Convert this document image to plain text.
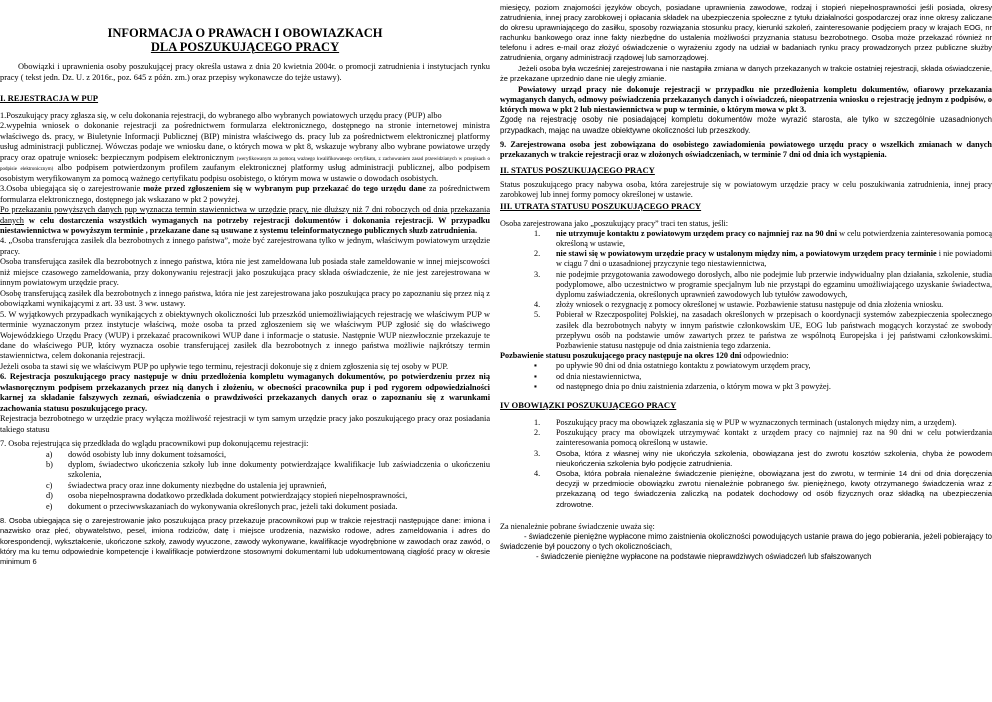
INFORMACJA O PRAWACH I OBOWIAZKACH
DLA POSZUKUJĄCEGO PRACY

Obowiązki i uprawnienia osoby poszukującej pracy określa ustawa z dnia 20 kwietnia 2004r. o promocji zatrudnienia i instytucjach rynku pracy ( tekst jedn. Dz. U. z 2016r., poz. 645 z późn. zm.) oraz przepisy wykonawcze do tejże ustawy).

I. REJESTRACJA W PUP

1.Poszukujący pracy zgłasza się, w celu dokonania rejestracji, do wybranego albo wybranych powiatowych urzędu pracy (PUP) albo

2.wypełnia wniosek o dokonanie rejestracji za pośrednictwem formularza elektronicznego, dostępnego na stronie internetowej ministra właściwego ds. pracy, w Biuletynie Informacji Publicznej (BIP) ministra właściwego ds. pracy lub za pośrednictwem elektronicznej platformy usług administracji publicznej. Wówczas podaje we wniosku dane, o których mowa w pkt 8, wskazuje wybrany albo wybrane powiatowe urzędy pracy oraz opatruje wniosek: bezpiecznym podpisem elektronicznym (weryfikowanym za pomocą ważnego kwalifikowanego certyfikatu, z zachowaniem zasad przewidzianych w przepisach o podpisie elektronicznym) albo podpisem potwierdzonym profilem zaufanym elektronicznej platformy usług administracji publicznej, albo podpisem osobistym weryfikowanym za pomocą ważnego certyfikatu podpisu osobistego, o którym mowa w ustawie o dowodach osobistych.

3.Osoba ubiegająca się o zarejestrowanie może przed zgłoszeniem się w wybranym pup przekazać do tego urzędu dane za pośrednictwem formularza elektronicznego, dostępnego jak wskazano w pkt 2 powyżej.

Po przekazaniu powyższych danych pup wyznacza termin stawiennictwa w urzędzie pracy, nie dłuższy niż 7 dni roboczych od dnia przekazania danych w celu dostarczenia wszystkich wymaganych na potrzeby rejestracji dokumentów i dokonania rejestracji. W przypadku niestawiennictwa w powyższym terminie , przekazane dane są usuwane z systemu teleinformatycznego publicznych słuzb zatrudnienia.

4. „Osoba transferująca zasiłek dla bezrobotnych z innego państwa”, może być zarejestrowana tylko w jednym, właściwym powiatowym urzędzie pracy.

Osoba transferująca zasiłek dla bezrobotnych z innego państwa, która nie jest zameldowana lub posiada stałe zameldowanie w innej miejscowości niż miejsce czasowego zameldowania, przy dokonywaniu rejestracji jako poszukująca pracy składa oświadczenie, że nie jest zarejestrowana w innym powiatowym urzędzie pracy.

Osobę transferującą zasiłek dla bezrobotnych z innego państwa, która nie jest zarejestrowana jako poszukująca pracy po zapoznaniu się przez nią z obowiązkami wynikającymi z art. 33 ust. 3 ww. ustawy.

5. W wyjątkowych przypadkach wynikających z obiektywnych okoliczności lub przeszkód uniemożliwiających rejestrację we właściwym PUP w terminie wyznaczonym przez instytucje właściwą, może osoba ta przed zgłoszeniem się we właściwym PUP zgłosić się do właściwego Wojewódzkiego Urzędu Pracy (WUP) i przekazać pracownikowi WUP dane i informacje o statusie. Następnie WUP niezwłocznie przekazuje te dane do właściwego PUP, który wyznacza osobie transferującej zasiłek dla bezrobotnych z innego państwa możliwie najkrótszy termin stawiennictwa, celem dokonania rejestracji.

Jeżeli osoba ta stawi się we właściwym PUP po upływie tego terminu, rejestracji dokonuje się z dniem zgłoszenia się tej osoby w PUP.

6. Rejestracja poszukującego pracy następuje w dniu przedłożenia kompletu wymaganych dokumentów, po potwierdzeniu przez nią własnoręcznym podpisem przekazanych przez nią danych i złożeniu, w obecności pracownika pup i pod rygorem odpowiedzialności karnej za składanie fałszywych zeznań, oświadczenia o prawdziwości przekazanych danych oraz o zapoznaniu się z warunkami zachowania statusu poszukującego pracy.

Rejestracja bezrobotnego w urzędzie pracy wyłącza możliwość rejestracji w tym samym urzędzie pracy jako poszukującego pracy oraz posiadania takiego statusu

7. Osoba rejestrująca się przedkłada do wglądu pracownikowi pup dokonującemu rejestracji:

a)	dowód osobisty lub inny dokument tożsamości,
b)	dyplom, świadectwo ukończenia szkoły lub inne dokumenty potwierdzające kwalifikacje lub zaświadczenia o ukończeniu szkolenia,
c)	świadectwa pracy oraz inne dokumenty niezbędne do ustalenia jej uprawnień,
d)	osoba niepełnosprawna dodatkowo przedkłada dokument potwierdzający stopień niepełnosprawności,
e)	dokument o przeciwwskazaniach do wykonywania określonych prac, jeżeli taki dokument posiada.

8. Osoba ubiegająca się o zarejestrowanie jako poszukująca pracy przekazuje pracownikowi pup w trakcie rejestracji następujące dane: imiona i nazwisko oraz płeć, obywatelstwo, pesel, imiona rodziców, datę i miejsce urodzenia, nazwisko rodowe, adres zameldowania i adres do korespondencji, wykształcenie, ukończone szkoły, zawody wyuczone, zawody wykonywane, kwalifikacje wyodrębnione w zawodach oraz zawód, o który ma ku temu odpowiednie kompetencje i kwalifikacje potwierdzone stosownymi dokumentami lub udokumentowaną ciągłość pracy w okresie minimum 6

miesięcy, poziom znajomości języków obcych, posiadane uprawnienia zawodowe, rodzaj i stopień niepełnosprawności jeśli posiada, okresy zatrudnienia, innej pracy zarobkowej i opłacania składek na ubezpieczenia społeczne z tytułu działalności gospodarczej oraz inne okresy zaliczane do okresu uprawniającego do zasiłku, sposoby rozwiązania stosunku pracy, kierunki szkoleń, zainteresowanie podjęciem pracy w krajach EOG, nr rachunku bankowego oraz inne fakty niezbędne do ustalenia możliwości przyznania statusu bezrobotnego. Osoba może przekazać również nr telefonu i adres e-mail oraz złożyć oświadczenie o wyrażeniu zgody na udział w badaniach rynku pracy prowadzonych przez publiczne służby zatrudnienia, organy administracji rządowej lub samorządowej.

Jeżeli osoba była wcześniej zarejestrowana i nie nastąpiła zmiana w danych przekazanych w trakcie ostatniej rejestracji, składa oświadczenie, że przekazane uprzednio dane nie uległy zmianie.

Powiatowy urząd pracy nie dokonuje rejestracji w przypadku nie przedłożenia kompletu dokumentów, ofiarowy przekazania wymaganych danych, odmowy poświadczenia przekazanych danych i oświadczeń, nieopatrzenia wniosku o rejestrację jednym z podpisów, o których mowa w pkt 2 lub niestawiennictwa w pup w terminie, o którym mowa w pkt 3.

Zgodę na rejestrację osoby nie posiadającej kompletu dokumentów może wyrazić starosta, ale tylko w szczególnie uzasadnionych przypadkach, mając na uwadze obiektywne okoliczności lub przeszkody.

9. Zarejestrowana osoba jest zobowiązana do osobistego zawiadomienia powiatowego urzędu pracy o wszelkich zmianach w danych przekazanych w trakcie rejestracji oraz w złożonych oświadczeniach, w terminie 7 dni od dnia ich wystąpienia.

II. STATUS POSZUKUJĄCEGO PRACY

Status poszukującego pracy nabywa osoba, która zarejestruje się w powiatowym urzędzie pracy w celu poszukiwania zatrudnienia, innej pracy zarobkowej lub innej formy pomocy określonej w ustawie.

III. UTRATA STATUSU POSZUKUJĄCEGO PRACY

Osoba zarejestrowana jako „poszukujący pracy” traci ten status, jeśli:

1.	nie utrzymuje kontaktu z powiatowym urzędem pracy co najmniej raz na 90 dni w celu potwierdzenia zainteresowania pomocą określoną w ustawie,
2.	nie stawi się w powiatowym urzędzie pracy w ustalonym między nim, a powiatowym urzędem pracy terminie i nie powiadomi w ciągu 7 dni o uzasadnionej przyczynie tego niestawiennictwa,
3.	nie podejmie przygotowania zawodowego dorosłych, albo nie podejmie lub przerwie indywidualny plan działania, szkolenie, studia podyplomowe, albo uczestnictwo w programie specjalnym lub nie przystąpi do egzaminu umożliwiającego uzyskanie świadectwa, dyplomu zaświadczenia, określonych uprawnień zawodowych lub tytułów zawodowych,
4.	złoży wniosek o rezygnację z pomocy określonej w ustawie. Pozbawienie statusu następuje od dnia złożenia wniosku.
5.	Pobierał w Rzeczpospolitej Polskiej, na zasadach określonych w przepisach o koordynacji systemów zabezpieczenia społecznego zasiłek dla bezrobotnych nabyty w innym państwie członkowskim UE, EOG lub państwach mogących korzystać ze swobody przepływu osób na podstawie umów zawartych przez te państwa ze wspólnotą Europejska i jej państwami członkowskimi. Pozbawienie statusu następuje od dnia zaistnienia tego zdarzenia.

Pozbawienie statusu poszukującego pracy następuje na okres 120 dni odpowiednio:

▪	po upływie 90 dni od dnia ostatniego kontaktu z powiatowym urzędem pracy,
▪	od dnia niestawiennictwa,
▪	od następnego dnia po dniu zaistnienia zdarzenia, o którym mowa w pkt 3 powyżej.

IV OBOWIĄZKI POSZUKUJĄCEGO PRACY

1.	Poszukujący pracy ma obowiązek zgłaszania się w PUP w wyznaczonych terminach (ustalonych między nim, a urzędem).
2.	Poszukujący pracy ma obowiązek utrzymywać kontakt z urzędem pracy co najmniej raz na 90 dni w celu potwierdzania zainteresowania pomocą określoną w ustawie.
3.	Osoba, która z własnej winy nie ukończyła szkolenia, obowiązana jest do zwrotu kosztów szkolenia, chyba że powodem nieukończenia szkolenia było podjęcie zatrudnienia.
4.	Osoba, która pobrała nienależne świadczenie pieniężne, obowiązana jest do zwrotu, w terminie 14 dni od dnia doręczenia decyzji w przedmiocie obowiązku zwrotu nienależnie pobranego św. pieniężnego, kwoty otrzymanego świadczenia wraz z przekazaną od tego świadczenia zaliczką na podatek dochodowy od osób fizycznych oraz składką na ubezpieczenia zdrowotne.

Za nienależnie pobrane świadczenie uważa się:

- świadczenie pieniężne wypłacone mimo zaistnienia okoliczności powodujących ustanie prawa do jego pobierania, jeżeli pobierający to świadczenie był pouczony o tych okolicznościach,

- świadczenie pieniężne wypłacone na podstawie nieprawdziwych oświadczeń lub sfałszowanych
